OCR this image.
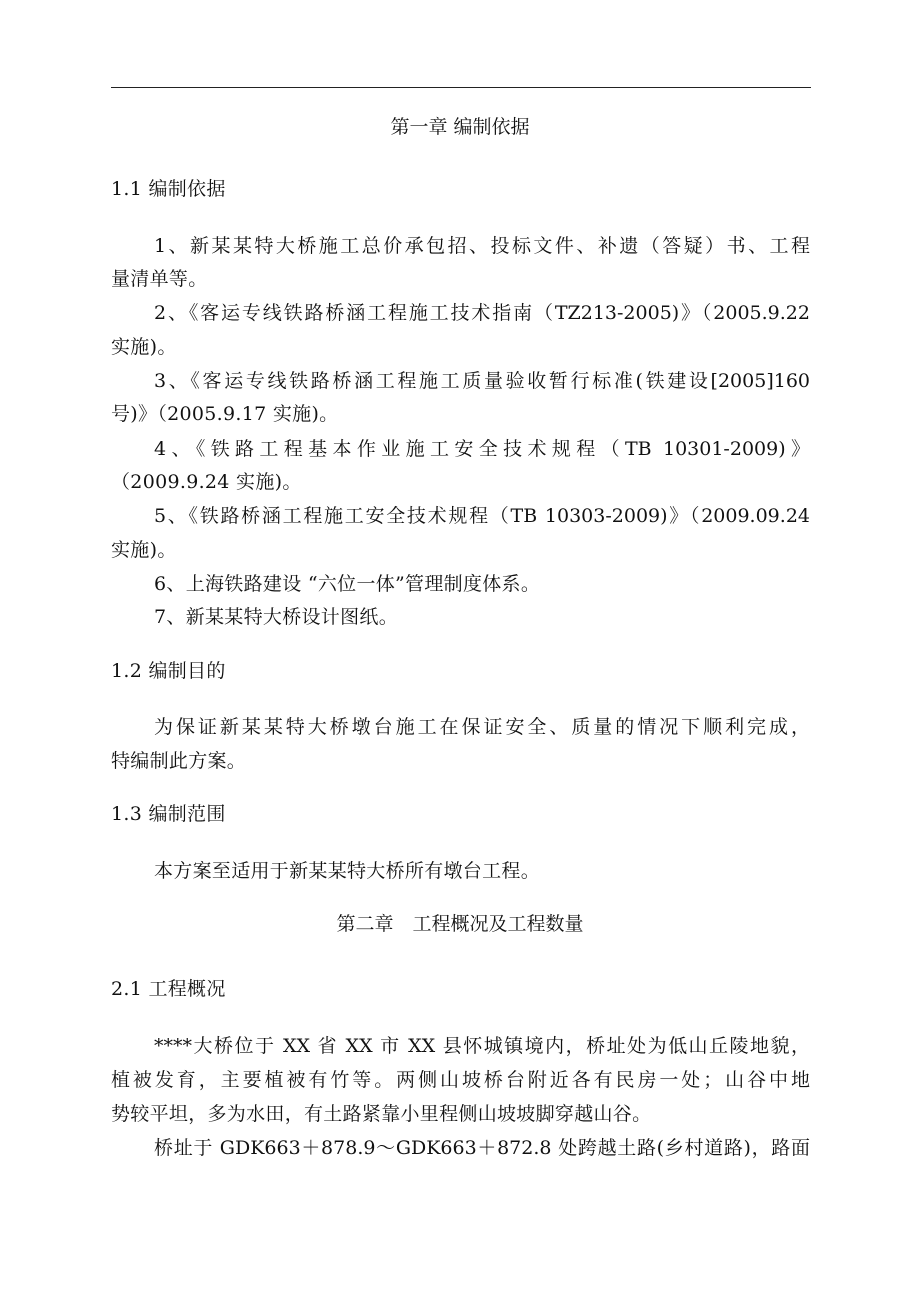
第一章 编制依据
1.1 编制依据
1、新某某特大桥施工总价承包招、投标文件、补遗（答疑）书、工程
量清单等。
2、《客运专线铁路桥涵工程施工技术指南（TZ213-2005)》（2005.9.22
实施)。
3、《客运专线铁路桥涵工程施工质量验收暂行标准(铁建设[2005]160
号)》（2005.9.17 实施)。
4、《铁路工程基本作业施工安全技术规程（TB 10301-2009)》
（2009.9.24 实施)。
5、《铁路桥涵工程施工安全技术规程（TB 10303-2009)》（2009.09.24
实施)。
6、上海铁路建设 “六位一体”管理制度体系。
7、新某某特大桥设计图纸。
1.2 编制目的
为保证新某某特大桥墩台施工在保证安全、质量的情况下顺利完成，
特编制此方案。
1.3 编制范围
本方案至适用于新某某特大桥所有墩台工程。
第二章　工程概况及工程数量
2.1 工程概况
****大桥位于 XX 省 XX 市 XX 县怀城镇境内，桥址处为低山丘陵地貌，
植被发育，主要植被有竹等。两侧山坡桥台附近各有民房一处；山谷中地
势较平坦，多为水田，有土路紧靠小里程侧山坡坡脚穿越山谷。
桥址于 GDK663＋878.9～GDK663＋872.8 处跨越土路(乡村道路)，路面
